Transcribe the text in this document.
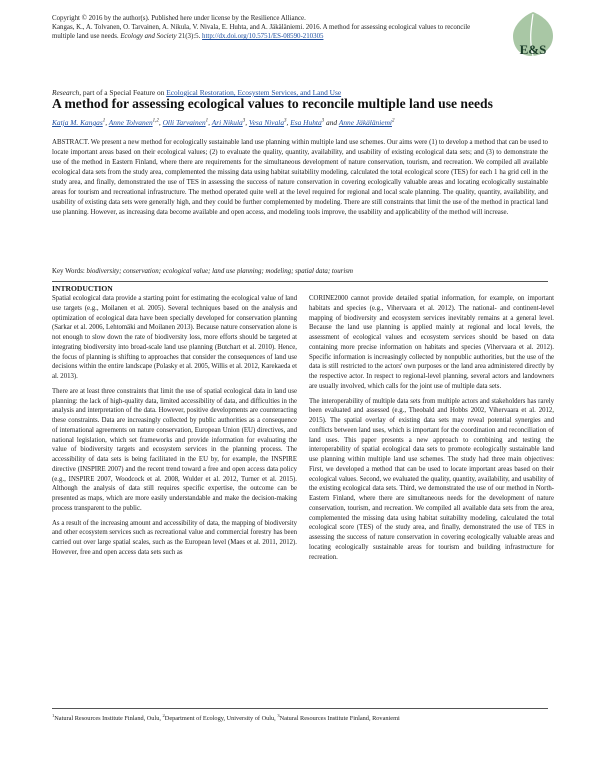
Copyright © 2016 by the author(s). Published here under license by the Resilience Alliance.
Kangas, K., A. Tolvanen, O. Tarvainen, A. Nikula, V. Nivala, E. Huhta, and A. Jäkäläniemi. 2016. A method for assessing ecological values to reconcile multiple land use needs. Ecology and Society 21(3):5. http://dx.doi.org/10.5751/ES-08590-210305
E&S
Research, part of a Special Feature on Ecological Restoration, Ecosystem Services, and Land Use
A method for assessing ecological values to reconcile multiple land use needs
Katja M. Kangas$^1$, Anne Tolvanen$^{1,2}$, Olli Tarvainen$^1$, Ari Nikula$^3$, Vesa Nivala$^3$, Esa Huhta$^3$ and Anne Jäkäläniemi$^2$

ABSTRACT. We present a new method for ecologically sustainable land use planning within multiple land use schemes. Our aims were (1) to develop a method that can be used to locate important areas based on their ecological values; (2) to evaluate the quality, quantity, availability, and usability of existing ecological data sets; and (3) to demonstrate the use of the method in Eastern Finland, where there are requirements for the simultaneous development of nature conservation, tourism, and recreation. We compiled all available ecological data sets from the study area, complemented the missing data using habitat suitability modeling, calculated the total ecological score (TES) for each 1 ha grid cell in the study area, and finally, demonstrated the use of TES in assessing the success of nature conservation in covering ecologically valuable areas and locating ecologically sustainable areas for tourism and recreational infrastructure. The method operated quite well at the level required for regional and local scale planning. The quality, quantity, availability, and usability of existing data sets were generally high, and they could be further complemented by modeling. There are still constraints that limit the use of the method in practical land use planning. However, as increasing data become available and open access, and modeling tools improve, the usability and applicability of the method will increase.

Key Words: biodiversity; conservation; ecological value; land use planning; modeling; spatial data; tourism
INTRODUCTION

Spatial ecological data provide a starting point for estimating the ecological value of land use targets (e.g., Moilanen et al. 2005). Several techniques based on the analysis and optimization of ecological data have been specially developed for conservation planning (Sarkar et al. 2006, Lehtomäki and Moilanen 2013). Because nature conservation alone is not enough to slow down the rate of biodiversity loss, more efforts should be targeted at integrating biodiversity into broad-scale land use planning (Butchart et al. 2010). Hence, the focus of planning is shifting to approaches that consider the consequences of land use decisions within the entire landscape (Polasky et al. 2005, Willis et al. 2012, Karekaeda et al. 2013).

There are at least three constraints that limit the use of spatial ecological data in land use planning: the lack of high-quality data, limited accessibility of data, and difficulties in the analysis and interpretation of the data. However, positive developments are counteracting these constraints. Data are increasingly collected by public authorities as a consequence of international agreements on nature conservation, European Union (EU) directives, and national legislation, which set frameworks and provide information for evaluating the value of biodiversity targets and ecosystem services in the planning process. The accessibility of data sets is being facilitated in the EU by, for example, the INSPIRE directive (INSPIRE 2007) and the recent trend toward a free and open access data policy (e.g., INSPIRE 2007, Woodcock et al. 2008, Wulder et al. 2012, Turner et al. 2015). Although the analysis of data still requires specific expertise, the outcome can be presented as maps, which are more easily understandable and make the decision-making process transparent to the public.

As a result of the increasing amount and accessibility of data, the mapping of biodiversity and other ecosystem services such as recreational value and commercial forestry has been carried out over large spatial scales, such as the European level (Maes et al. 2011, 2012). However, free and open access data sets such as

CORINE2000 cannot provide detailed spatial information, for example, on important habitats and species (e.g., Vihervaara et al. 2012). The national- and continent-level mapping of biodiversity and ecosystem services inevitably remains at a general level. Because the land use planning is applied mainly at regional and local levels, the assessment of ecological values and ecosystem services should be based on data containing more precise information on habitats and species (Vihervaara et al. 2012). Specific information is increasingly collected by nonpublic authorities, but the use of the data is still restricted to the actors' own purposes or the land area administered directly by the respective actor. In respect to regional-level planning, several actors and landowners are usually involved, which calls for the joint use of multiple data sets.

The interoperability of multiple data sets from multiple actors and stakeholders has rarely been evaluated and assessed (e.g., Theobald and Hobbs 2002, Vihervaara et al. 2012, 2015). The spatial overlay of existing data sets may reveal potential synergies and conflicts between land uses, which is important for the coordination and reconciliation of land uses. This paper presents a new approach to combining and testing the interoperability of spatial ecological data sets to promote ecologically sustainable land use planning within multiple land use schemes. The study had three main objectives: First, we developed a method that can be used to locate important areas based on their ecological values. Second, we evaluated the quality, quantity, availability, and usability of the existing ecological data sets. Third, we demonstrated the use of our method in North-Eastern Finland, where there are simultaneous needs for the development of nature conservation, tourism, and recreation. We compiled all available data sets from the area, complemented the missing data using habitat suitability modeling, calculated the total ecological score (TES) of the study area, and finally, demonstrated the use of TES in assessing the success of nature conservation in covering ecologically valuable areas and locating ecologically sustainable areas for tourism and building infrastructure for recreation.

$^1$Natural Resources Institute Finland, Oulu, $^2$Department of Ecology, University of Oulu, $^3$Natural Resources Institute Finland, Rovaniemi
